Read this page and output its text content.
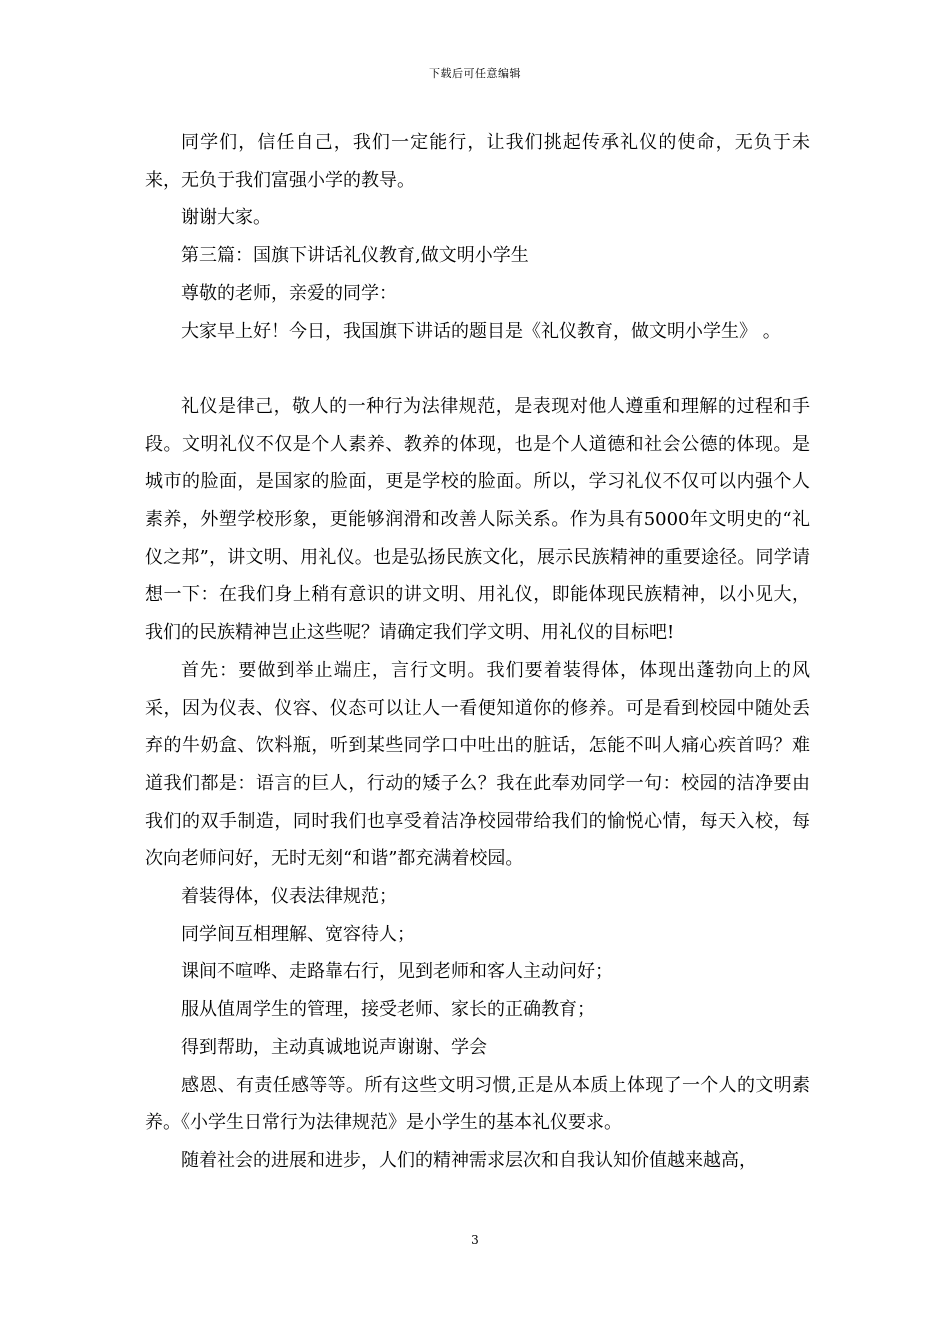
下载后可任意编辑

同学们，信任自己，我们一定能行，让我们挑起传承礼仪的使命，无负于未来，无负于我们富强小学的教导。

谢谢大家。

第三篇：国旗下讲话礼仪教育,做文明小学生

尊敬的老师，亲爱的同学：

大家早上好！今日，我国旗下讲话的题目是《礼仪教育，做文明小学生》 。

礼仪是律己，敬人的一种行为法律规范，是表现对他人遵重和理解的过程和手段。文明礼仪不仅是个人素养、教养的体现，也是个人道德和社会公德的体现。是城市的脸面，是国家的脸面，更是学校的脸面。所以，学习礼仪不仅可以内强个人素养，外塑学校形象，更能够润滑和改善人际关系。作为具有5000年文明史的“礼仪之邦”，讲文明、用礼仪。也是弘扬民族文化，展示民族精神的重要途径。同学请想一下：在我们身上稍有意识的讲文明、用礼仪，即能体现民族精神，以小见大，我们的民族精神岂止这些呢？请确定我们学文明、用礼仪的目标吧!

首先：要做到举止端庄，言行文明。我们要着装得体，体现出蓬勃向上的风采，因为仪表、仪容、仪态可以让人一看便知道你的修养。可是看到校园中随处丢弃的牛奶盒、饮料瓶，听到某些同学口中吐出的脏话，怎能不叫人痛心疾首吗？难道我们都是：语言的巨人，行动的矮子么？我在此奉劝同学一句：校园的洁净要由我们的双手制造，同时我们也享受着洁净校园带给我们的愉悦心情，每天入校，每次向老师问好，无时无刻“和谐”都充满着校园。

着装得体，仪表法律规范；

同学间互相理解、宽容待人；

课间不喧哗、走路靠右行，见到老师和客人主动问好；

服从值周学生的管理，接受老师、家长的正确教育；

得到帮助，主动真诚地说声谢谢、学会

感恩、有责任感等等。所有这些文明习惯,正是从本质上体现了一个人的文明素养。《小学生日常行为法律规范》是小学生的基本礼仪要求。

随着社会的进展和进步，人们的精神需求层次和自我认知价值越来越高，

3
